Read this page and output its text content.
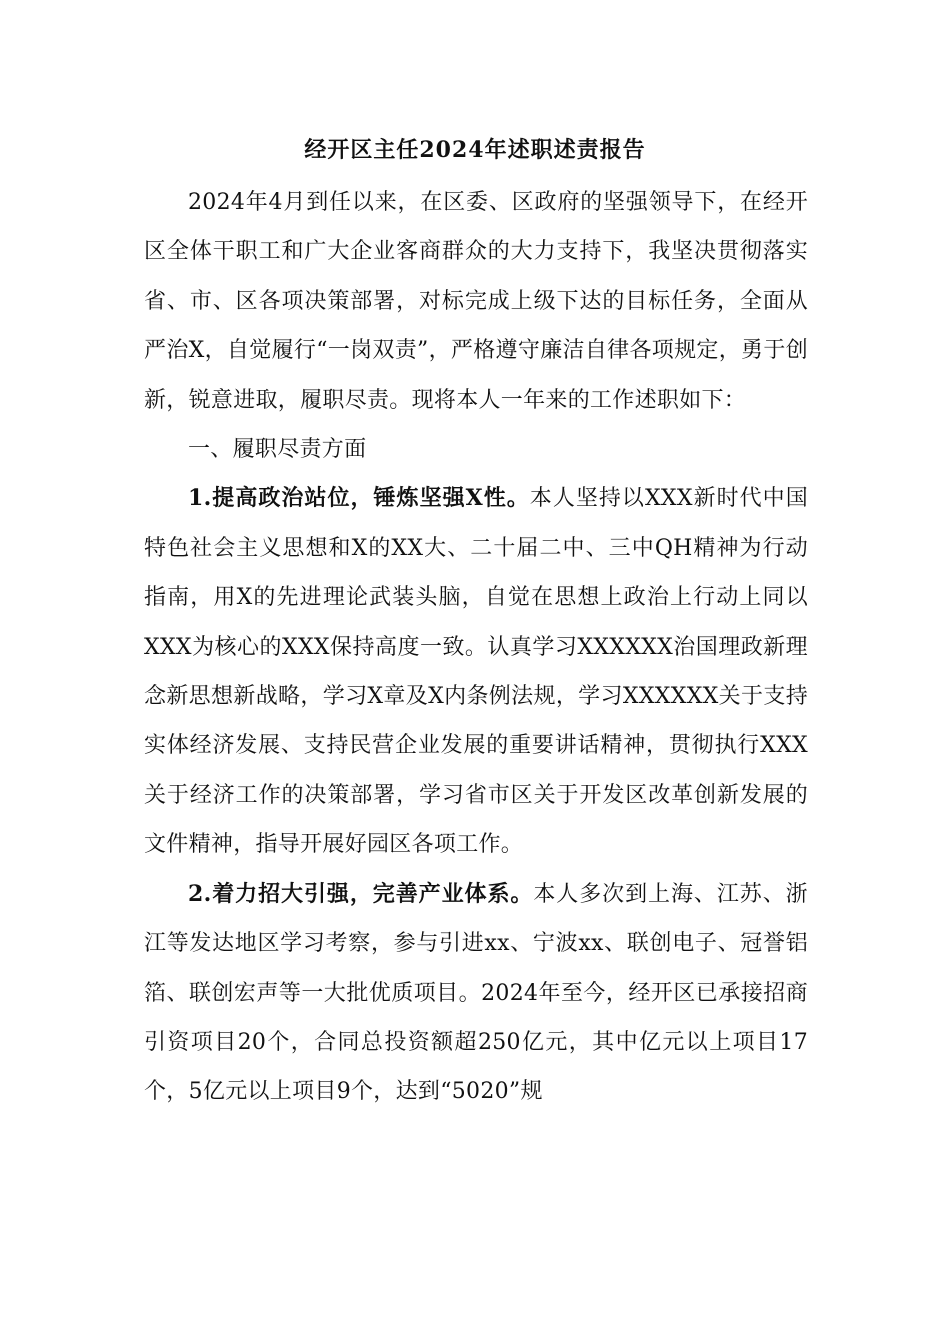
经开区主任2024年述职述责报告

2024年4月到任以来，在区委、区政府的坚强领导下，在经开区全体干职工和广大企业客商群众的大力支持下，我坚决贯彻落实省、市、区各项决策部署，对标完成上级下达的目标任务，全面从严治X，自觉履行“一岗双责”，严格遵守廉洁自律各项规定，勇于创新，锐意进取，履职尽责。现将本人一年来的工作述职如下：

一、履职尽责方面

1.提高政治站位，锤炼坚强X性。本人坚持以XXX新时代中国特色社会主义思想和X的XX大、二十届二中、三中QH精神为行动指南，用X的先进理论武装头脑，自觉在思想上政治上行动上同以XXX为核心的XXX保持高度一致。认真学习XXXXXX治国理政新理念新思想新战略，学习X章及X内条例法规，学习XXXXXX关于支持实体经济发展、支持民营企业发展的重要讲话精神，贯彻执行XXX关于经济工作的决策部署，学习省市区关于开发区改革创新发展的文件精神，指导开展好园区各项工作。

2.着力招大引强，完善产业体系。本人多次到上海、江苏、浙江等发达地区学习考察，参与引进xx、宁波xx、联创电子、冠誉铝箔、联创宏声等一大批优质项目。2024年至今，经开区已承接招商引资项目20个，合同总投资额超250亿元，其中亿元以上项目17个，5亿元以上项目9个，达到“5020”规
